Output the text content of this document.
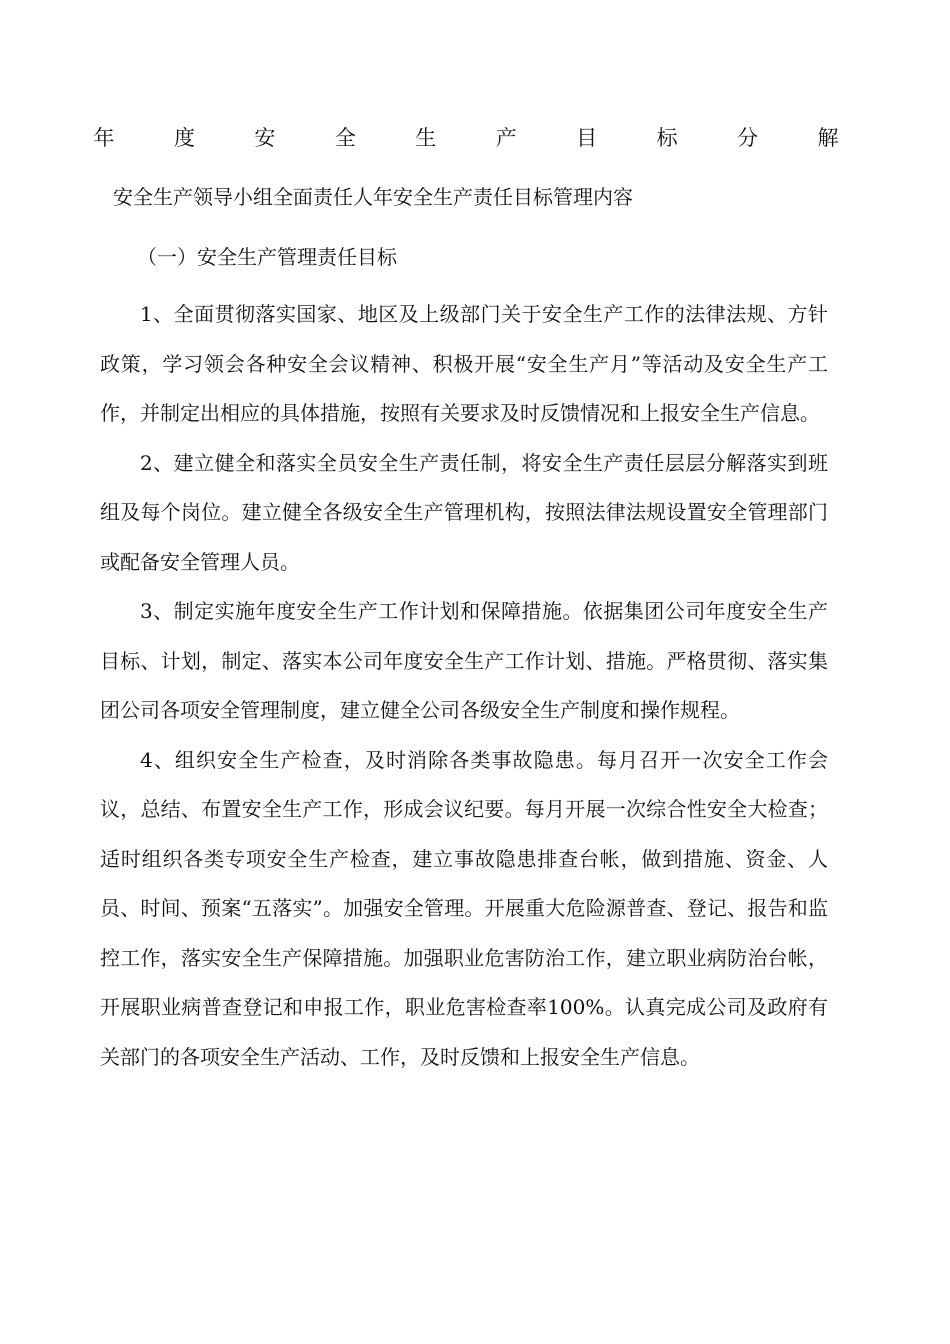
年	度	安	全	生	产	目	标	分	解
安全生产领导小组全面责任人年安全生产责任目标管理内容
（一）安全生产管理责任目标

1、全面贯彻落实国家、地区及上级部门关于安全生产工作的法律法规、方针政策，学习领会各种安全会议精神、积极开展“安全生产月”等活动及安全生产工作，并制定出相应的具体措施，按照有关要求及时反馈情况和上报安全生产信息。

2、建立健全和落实全员安全生产责任制，将安全生产责任层层分解落实到班组及每个岗位。建立健全各级安全生产管理机构，按照法律法规设置安全管理部门或配备安全管理人员。

3、制定实施年度安全生产工作计划和保障措施。依据集团公司年度安全生产目标、计划，制定、落实本公司年度安全生产工作计划、措施。严格贯彻、落实集团公司各项安全管理制度，建立健全公司各级安全生产制度和操作规程。

4、组织安全生产检查，及时消除各类事故隐患。每月召开一次安全工作会议，总结、布置安全生产工作，形成会议纪要。每月开展一次综合性安全大检查；适时组织各类专项安全生产检查，建立事故隐患排查台帐，做到措施、资金、人员、时间、预案“五落实”。加强安全管理。开展重大危险源普查、登记、报告和监控工作，落实安全生产保障措施。加强职业危害防治工作，建立职业病防治台帐，开展职业病普查登记和申报工作，职业危害检查率100%。认真完成公司及政府有关部门的各项安全生产活动、工作，及时反馈和上报安全生产信息。
